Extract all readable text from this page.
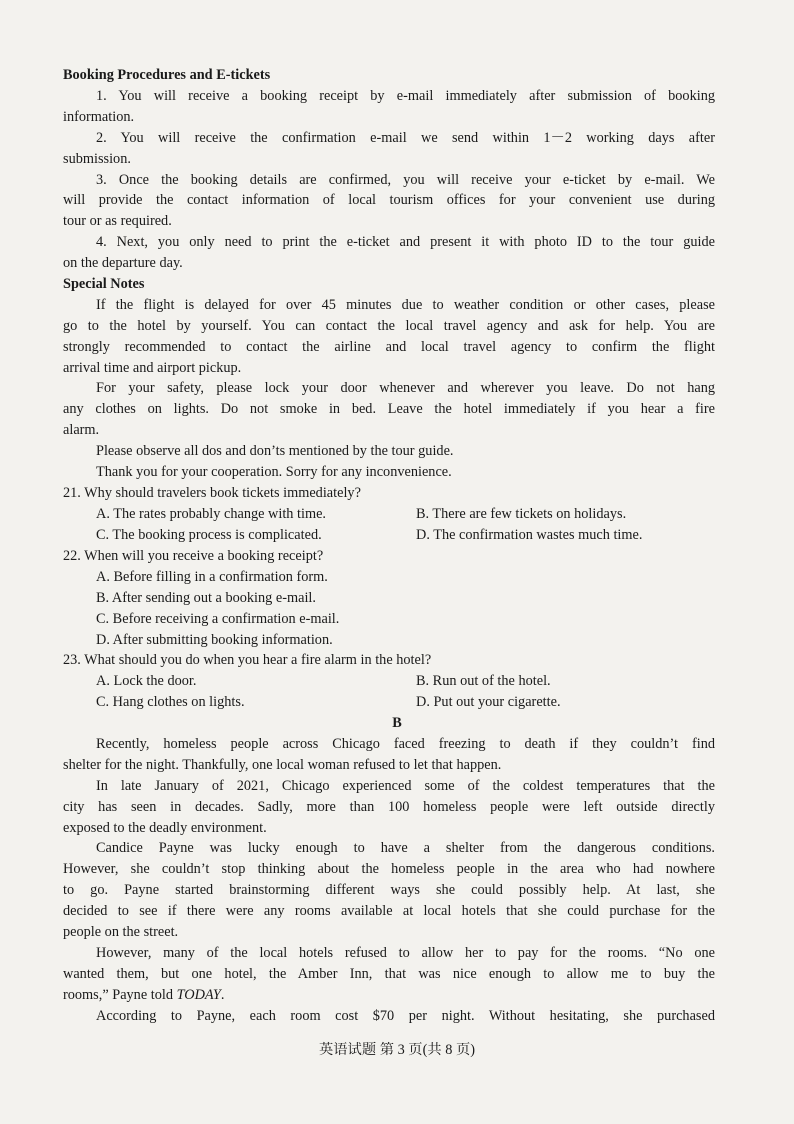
Booking Procedures and E-tickets
1. You will receive a booking receipt by e-mail immediately after submission of booking
information.
2. You will receive the confirmation e-mail we send within 1－2 working days after
submission.
3. Once the booking details are confirmed, you will receive your e-ticket by e-mail. We
will provide the contact information of local tourism offices for your convenient use during
tour or as required.
4. Next, you only need to print the e-ticket and present it with photo ID to the tour guide
on the departure day.
Special Notes
If the flight is delayed for over 45 minutes due to weather condition or other cases, please
go to the hotel by yourself. You can contact the local travel agency and ask for help. You are
strongly recommended to contact the airline and local travel agency to confirm the flight
arrival time and airport pickup.
For your safety, please lock your door whenever and wherever you leave. Do not hang
any clothes on lights. Do not smoke in bed. Leave the hotel immediately if you hear a fire
alarm.
Please observe all dos and don’ts mentioned by the tour guide.
Thank you for your cooperation. Sorry for any inconvenience.
21. Why should travelers book tickets immediately?
A. The rates probably change with time.	B. There are few tickets on holidays.
C. The booking process is complicated.	D. The confirmation wastes much time.
22. When will you receive a booking receipt?
A. Before filling in a confirmation form.
B. After sending out a booking e-mail.
C. Before receiving a confirmation e-mail.
D. After submitting booking information.
23. What should you do when you hear a fire alarm in the hotel?
A. Lock the door.	B. Run out of the hotel.
C. Hang clothes on lights.	D. Put out your cigarette.
B
Recently, homeless people across Chicago faced freezing to death if they couldn’t find
shelter for the night. Thankfully, one local woman refused to let that happen.
In late January of 2021, Chicago experienced some of the coldest temperatures that the
city has seen in decades. Sadly, more than 100 homeless people were left outside directly
exposed to the deadly environment.
Candice Payne was lucky enough to have a shelter from the dangerous conditions.
However, she couldn’t stop thinking about the homeless people in the area who had nowhere
to go. Payne started brainstorming different ways she could possibly help. At last, she
decided to see if there were any rooms available at local hotels that she could purchase for the
people on the street.
However, many of the local hotels refused to allow her to pay for the rooms. “No one
wanted them, but one hotel, the Amber Inn, that was nice enough to allow me to buy the
rooms,” Payne told TODAY.
According to Payne, each room cost $70 per night. Without hesitating, she purchased
英语试题 第 3 页(共 8 页)
